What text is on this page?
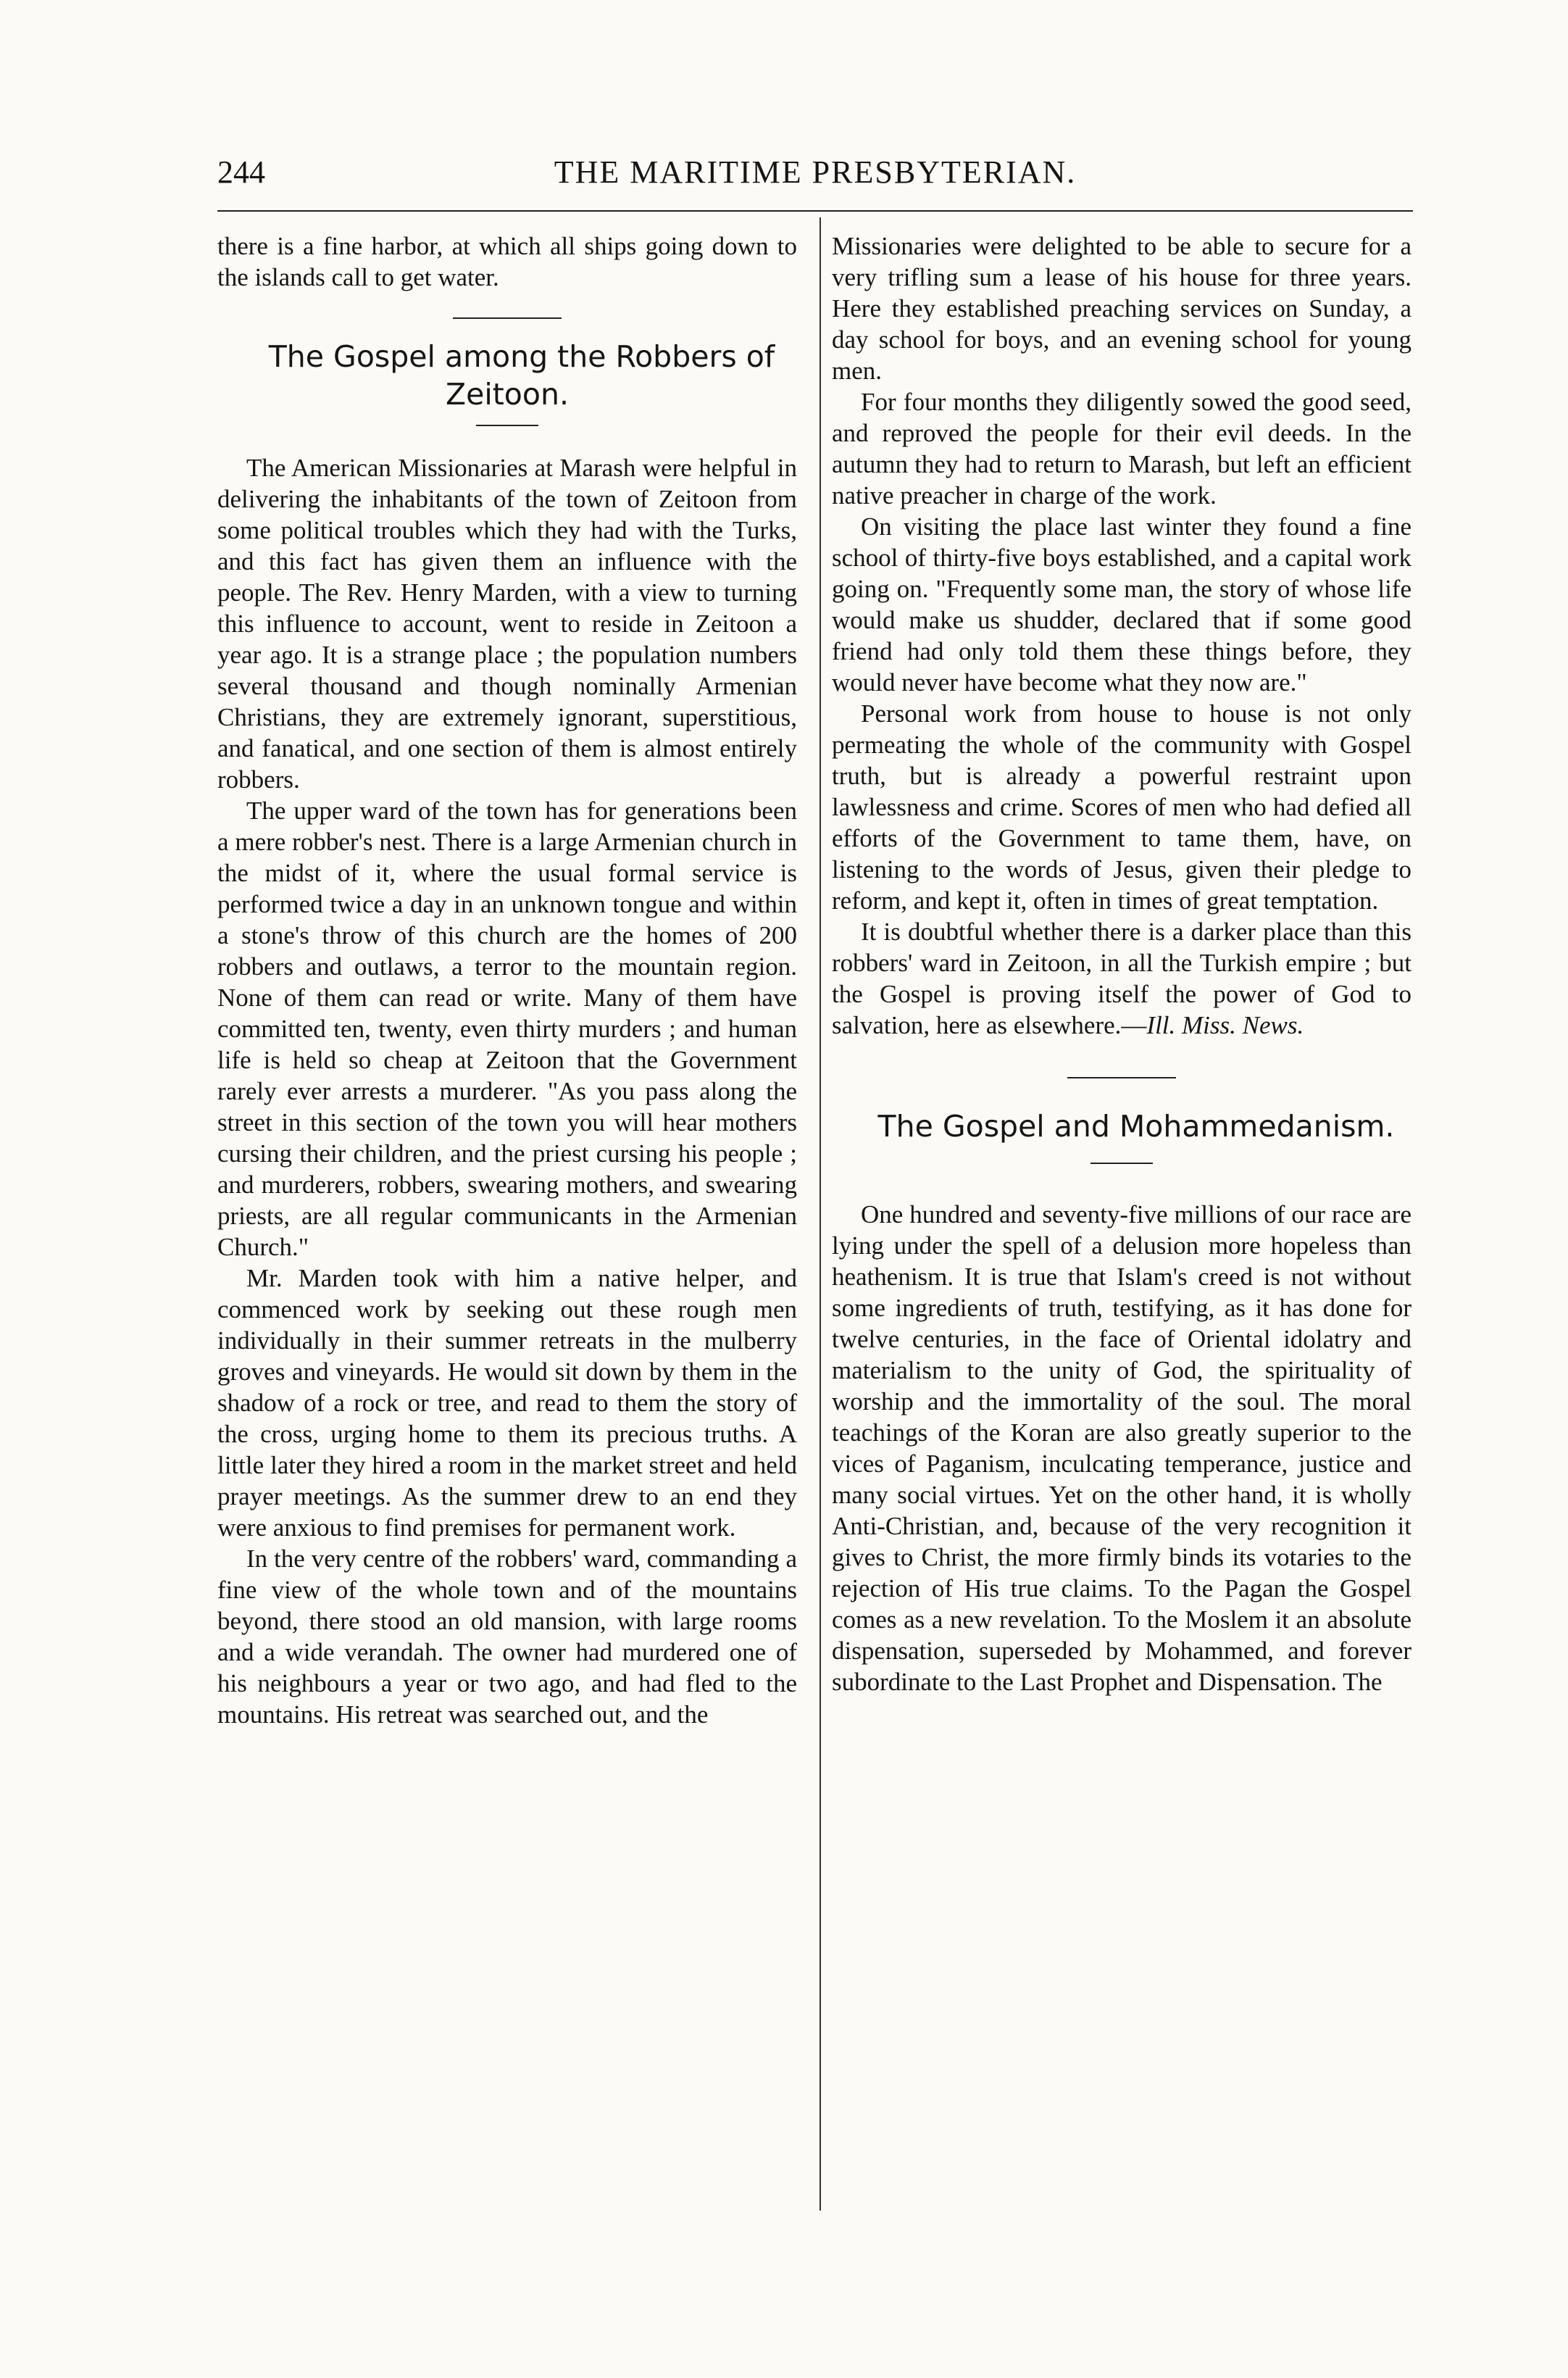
244	THE MARITIME PRESBYTERIAN.

there is a fine harbor, at which all ships going down to the islands call to get water.

The Gospel among the Robbers of Zeitoon.

The American Missionaries at Marash were helpful in delivering the inhabitants of the town of Zeitoon from some political troubles which they had with the Turks, and this fact has given them an influence with the people. The Rev. Henry Marden, with a view to turning this influence to account, went to reside in Zeitoon a year ago. It is a strange place ; the population numbers several thousand and though nominally Armenian Christians, they are extremely ignorant, superstitious, and fanatical, and one section of them is almost entirely robbers.

The upper ward of the town has for generations been a mere robber's nest. There is a large Armenian church in the midst of it, where the usual formal service is performed twice a day in an unknown tongue and within a stone's throw of this church are the homes of 200 robbers and outlaws, a terror to the mountain region. None of them can read or write. Many of them have committed ten, twenty, even thirty murders ; and human life is held so cheap at Zeitoon that the Government rarely ever arrests a murderer. "As you pass along the street in this section of the town you will hear mothers cursing their children, and the priest cursing his people ; and murderers, robbers, swearing mothers, and swearing priests, are all regular communicants in the Armenian Church."

Mr. Marden took with him a native helper, and commenced work by seeking out these rough men individually in their summer retreats in the mulberry groves and vineyards. He would sit down by them in the shadow of a rock or tree, and read to them the story of the cross, urging home to them its precious truths. A little later they hired a room in the market street and held prayer meetings. As the summer drew to an end they were anxious to find premises for permanent work.

In the very centre of the robbers' ward, commanding a fine view of the whole town and of the mountains beyond, there stood an old mansion, with large rooms and a wide verandah. The owner had murdered one of his neighbours a year or two ago, and had fled to the mountains. His retreat was searched out, and the

Missionaries were delighted to be able to secure for a very trifling sum a lease of his house for three years. Here they established preaching services on Sunday, a day school for boys, and an evening school for young men.

For four months they diligently sowed the good seed, and reproved the people for their evil deeds. In the autumn they had to return to Marash, but left an efficient native preacher in charge of the work.

On visiting the place last winter they found a fine school of thirty-five boys established, and a capital work going on. "Frequently some man, the story of whose life would make us shudder, declared that if some good friend had only told them these things before, they would never have become what they now are."

Personal work from house to house is not only permeating the whole of the community with Gospel truth, but is already a powerful restraint upon lawlessness and crime. Scores of men who had defied all efforts of the Government to tame them, have, on listening to the words of Jesus, given their pledge to reform, and kept it, often in times of great temptation.

It is doubtful whether there is a darker place than this robbers' ward in Zeitoon, in all the Turkish empire ; but the Gospel is proving itself the power of God to salvation, here as elsewhere.—Ill. Miss. News.

The Gospel and Mohammedanism.

One hundred and seventy-five millions of our race are lying under the spell of a delusion more hopeless than heathenism. It is true that Islam's creed is not without some ingredients of truth, testifying, as it has done for twelve centuries, in the face of Oriental idolatry and materialism to the unity of God, the spirituality of worship and the immortality of the soul. The moral teachings of the Koran are also greatly superior to the vices of Paganism, inculcating temperance, justice and many social virtues. Yet on the other hand, it is wholly Anti-Christian, and, because of the very recognition it gives to Christ, the more firmly binds its votaries to the rejection of His true claims. To the Pagan the Gospel comes as a new revelation. To the Moslem it an absolute dispensation, superseded by Mohammed, and forever subordinate to the Last Prophet and Dispensation. The
